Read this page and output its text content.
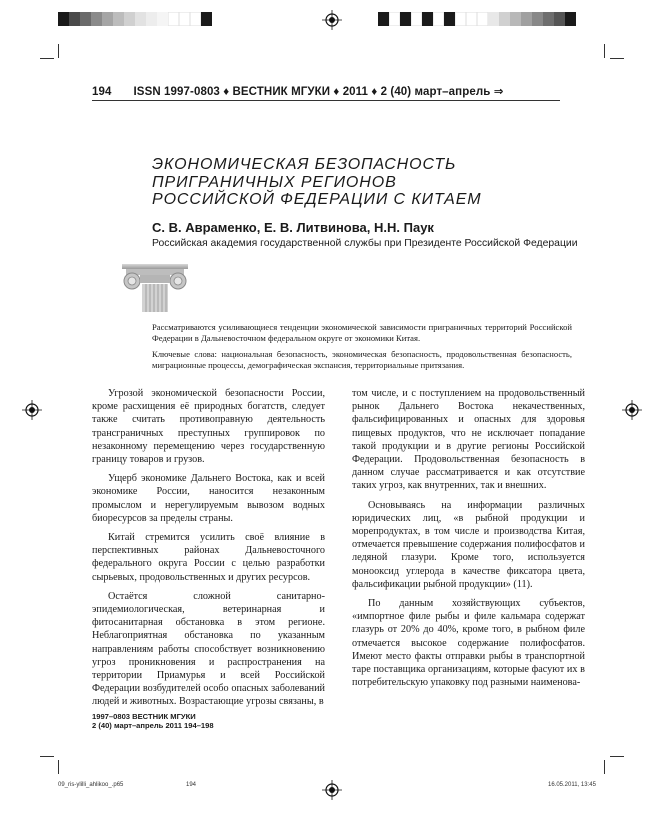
194 ISSN 1997-0803 ♦ ВЕСТНИК МГУКИ ♦ 2011 ♦ 2 (40) март–апрель ⇒
ЭКОНОМИЧЕСКАЯ БЕЗОПАСНОСТЬ
ПРИГРАНИЧНЫХ РЕГИОНОВ
РОССИЙСКОЙ ФЕДЕРАЦИИ С КИТАЕМ
С. В. Авраменко, Е. В. Литвинова, Н.Н. Паук
Российская академия государственной службы при Президенте Российской Федерации

Рассматриваются усиливающиеся тенденции экономической зависимости приграничных территорий Российской Федерации в Дальневосточном федеральном округе от экономики Китая.

Ключевые слова: национальная безопасность, экономическая безопасность, продовольственная безопасность, миграционные процессы, демографическая экспансия, территориальные притязания.

Угрозой экономической безопасности России, кроме расхищения её природных богатств, следует также считать противоправную деятельность трансграничных преступных группировок по незаконному перемещению через государственную границу товаров и грузов.

Ущерб экономике Дальнего Востока, как и всей экономике России, наносится незаконным промыслом и нерегулируемым вывозом водных биоресурсов за пределы страны.

Китай стремится усилить своё влияние в перспективных районах Дальневосточного федерального округа России с целью разработки сырьевых, продовольственных и других ресурсов.

Остаётся сложной санитарно-эпидемиологическая, ветеринарная и фитосанитарная обстановка в этом регионе. Неблагоприятная обстановка по указанным направлениям работы способствует возникновению угроз проникновения и распространения на территории Приамурья и всей Российской Федерации возбудителей особо опасных заболеваний людей и животных. Возрастающие угрозы связаны, в

том числе, и с поступлением на продовольственный рынок Дальнего Востока некачественных, фальсифицированных и опасных для здоровья пищевых продуктов, что не исключает попадание такой продукции и в другие регионы Российской Федерации. Продовольственная безопасность в данном случае рассматривается и как отсутствие таких угроз, как внутренних, так и внешних.

Основываясь на информации различных юридических лиц, «в рыбной продукции и морепродуктах, в том числе и производства Китая, отмечается превышение содержания полифосфатов и ледяной глазури. Кроме того, используется монооксид углерода в качестве фиксатора цвета, фальсификации рыбной продукции» (11).

По данным хозяйствующих субъектов, «импортное филе рыбы и филе кальмара содержат глазурь от 20% до 40%, кроме того, в рыбном филе отмечается высокое содержание полифосфатов. Имеют место факты отправки рыбы в транспортной таре поставщика организациям, которые фасуют их в потребительскую упаковку под разными наименова-

1997–0803 ВЕСТНИК МГУКИ
2 (40) март–апрель 2011 194–198
09_ris-ylilli_ahlikoo_.p65	194	16.05.2011, 13:45
